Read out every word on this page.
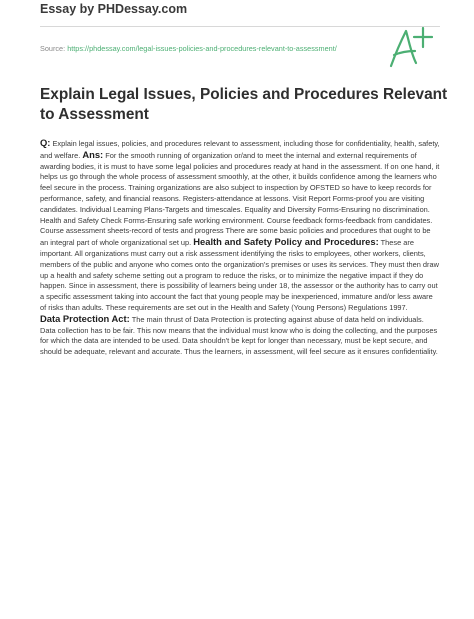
Essay by PHDessay.com
Source: https://phdessay.com/legal-issues-policies-and-procedures-relevant-to-assessment/
Explain Legal Issues, Policies and Procedures Relevant to Assessment

Q: Explain legal issues, policies, and procedures relevant to assessment, including those for confidentiality, health, safety, and welfare. Ans: For the smooth running of organization or/and to meet the internal and external requirements of awarding bodies, it is must to have some legal policies and procedures ready at hand in the assessment. If on one hand, it helps us go through the whole process of assessment smoothly, at the other, it builds confidence among the learners who feel secure in the process. Training organizations are also subject to inspection by OFSTED so have to keep records for performance, safety, and financial reasons. Registers-attendance at lessons. Visit Report Forms-proof you are visiting candidates. Individual Learning Plans-Targets and timescales. Equality and Diversity Forms-Ensuring no discrimination. Health and Safety Check Forms-Ensuring safe working environment. Course feedback forms-feedback from candidates. Course assessment sheets-record of tests and progress There are some basic policies and procedures that ought to be an integral part of whole organizational set up. Health and Safety Policy and Procedures: These are important. All organizations must carry out a risk assessment identifying the risks to employees, other workers, clients, members of the public and anyone who comes onto the organization's premises or uses its services. They must then draw up a health and safety scheme setting out a program to reduce the risks, or to minimize the negative impact if they do happen. Since in assessment, there is possibility of learners being under 18, the assessor or the authority has to carry out a specific assessment taking into account the fact that young people may be inexperienced, immature and/or less aware of risks than adults. These requirements are set out in the Health and Safety (Young Persons) Regulations 1997.

Data Protection Act: The main thrust of Data Protection is protecting against abuse of data held on individuals. Data collection has to be fair. This now means that the individual must know who is doing the collecting, and the purposes for which the data are intended to be used. Data shouldn't be kept for longer than necessary, must be kept secure, and should be adequate, relevant and accurate. Thus the learners, in assessment, will feel secure as it ensures confidentiality.
